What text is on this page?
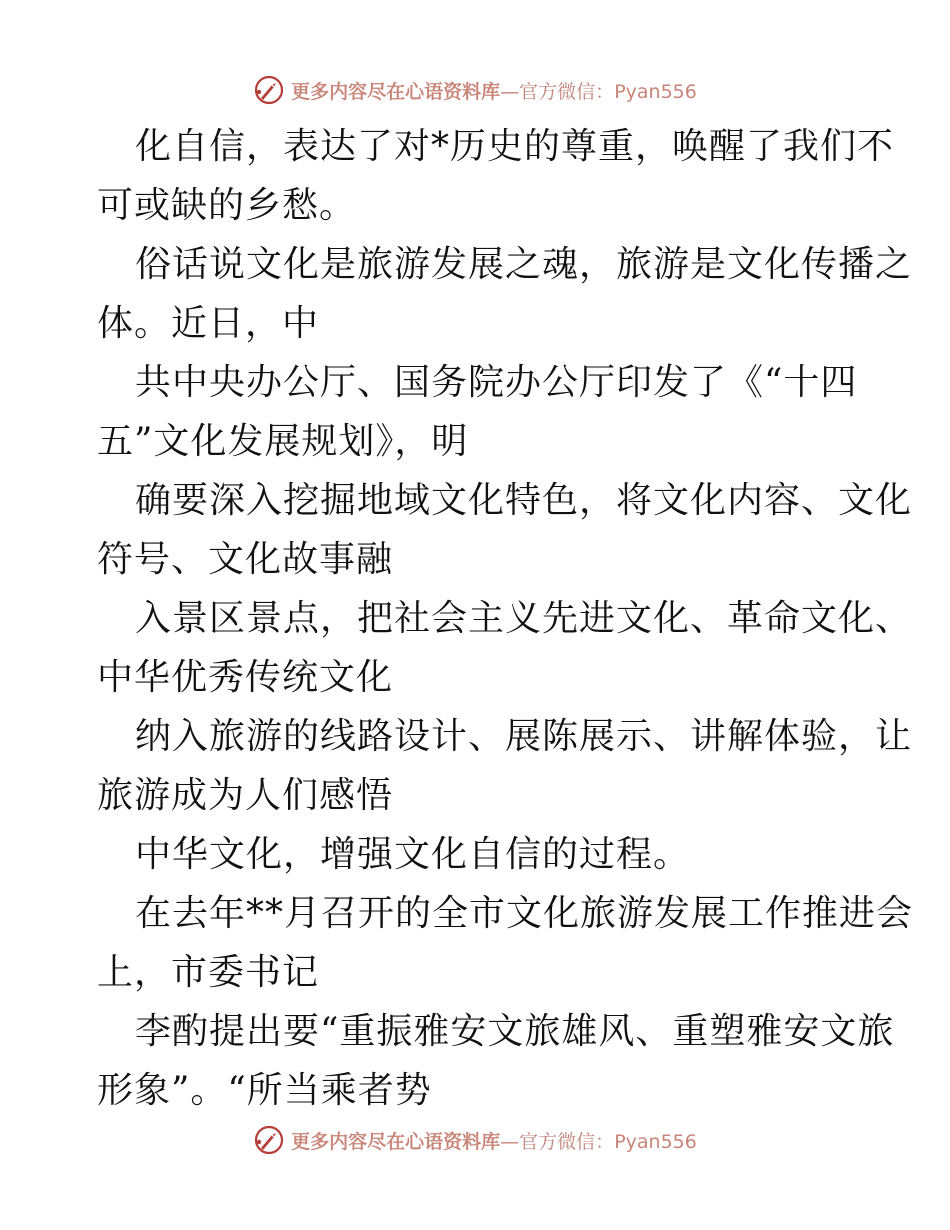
更多内容尽在心语资料库—官方微信：Pyan556
化自信，表达了对*历史的尊重，唤醒了我们不
可或缺的乡愁。
俗话说文化是旅游发展之魂，旅游是文化传播之
体。近日，中
共中央办公厅、国务院办公厅印发了《“十四
五”文化发展规划》，明
确要深入挖掘地域文化特色，将文化内容、文化
符号、文化故事融
入景区景点，把社会主义先进文化、革命文化、
中华优秀传统文化
纳入旅游的线路设计、展陈展示、讲解体验，让
旅游成为人们感悟
中华文化，增强文化自信的过程。
在去年**月召开的全市文化旅游发展工作推进会
上，市委书记
李酌提出要“重振雅安文旅雄风、重塑雅安文旅
形象”。“所当乘者势
更多内容尽在心语资料库—官方微信：Pyan556
